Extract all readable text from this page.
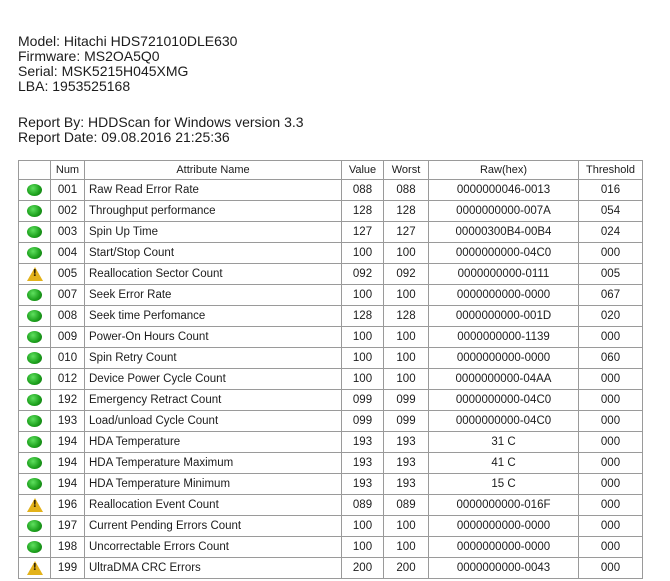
Model: Hitachi HDS721010DLE630
Firmware: MS2OA5Q0
Serial: MSK5215H045XMG
LBA: 1953525168
Report By: HDDScan for Windows version 3.3
Report Date: 09.08.2016 21:25:36
	Num	Attribute Name	Value	Worst	Raw(hex)	Threshold
	001	Raw Read Error Rate	088	088	0000000046-0013	016
	002	Throughput performance	128	128	0000000000-007A	054
	003	Spin Up Time	127	127	00000300B4-00B4	024
	004	Start/Stop Count	100	100	0000000000-04C0	000
!	005	Reallocation Sector Count	092	092	0000000000-0111	005
	007	Seek Error Rate	100	100	0000000000-0000	067
	008	Seek time Perfomance	128	128	0000000000-001D	020
	009	Power-On Hours Count	100	100	0000000000-1139	000
	010	Spin Retry Count	100	100	0000000000-0000	060
	012	Device Power Cycle Count	100	100	0000000000-04AA	000
	192	Emergency Retract Count	099	099	0000000000-04C0	000
	193	Load/unload Cycle Count	099	099	0000000000-04C0	000
	194	HDA Temperature	193	193	31 C	000
	194	HDA Temperature Maximum	193	193	41 C	000
	194	HDA Temperature Minimum	193	193	15 C	000
!	196	Reallocation Event Count	089	089	0000000000-016F	000
	197	Current Pending Errors Count	100	100	0000000000-0000	000
	198	Uncorrectable Errors Count	100	100	0000000000-0000	000
!	199	UltraDMA CRC Errors	200	200	0000000000-0043	000
